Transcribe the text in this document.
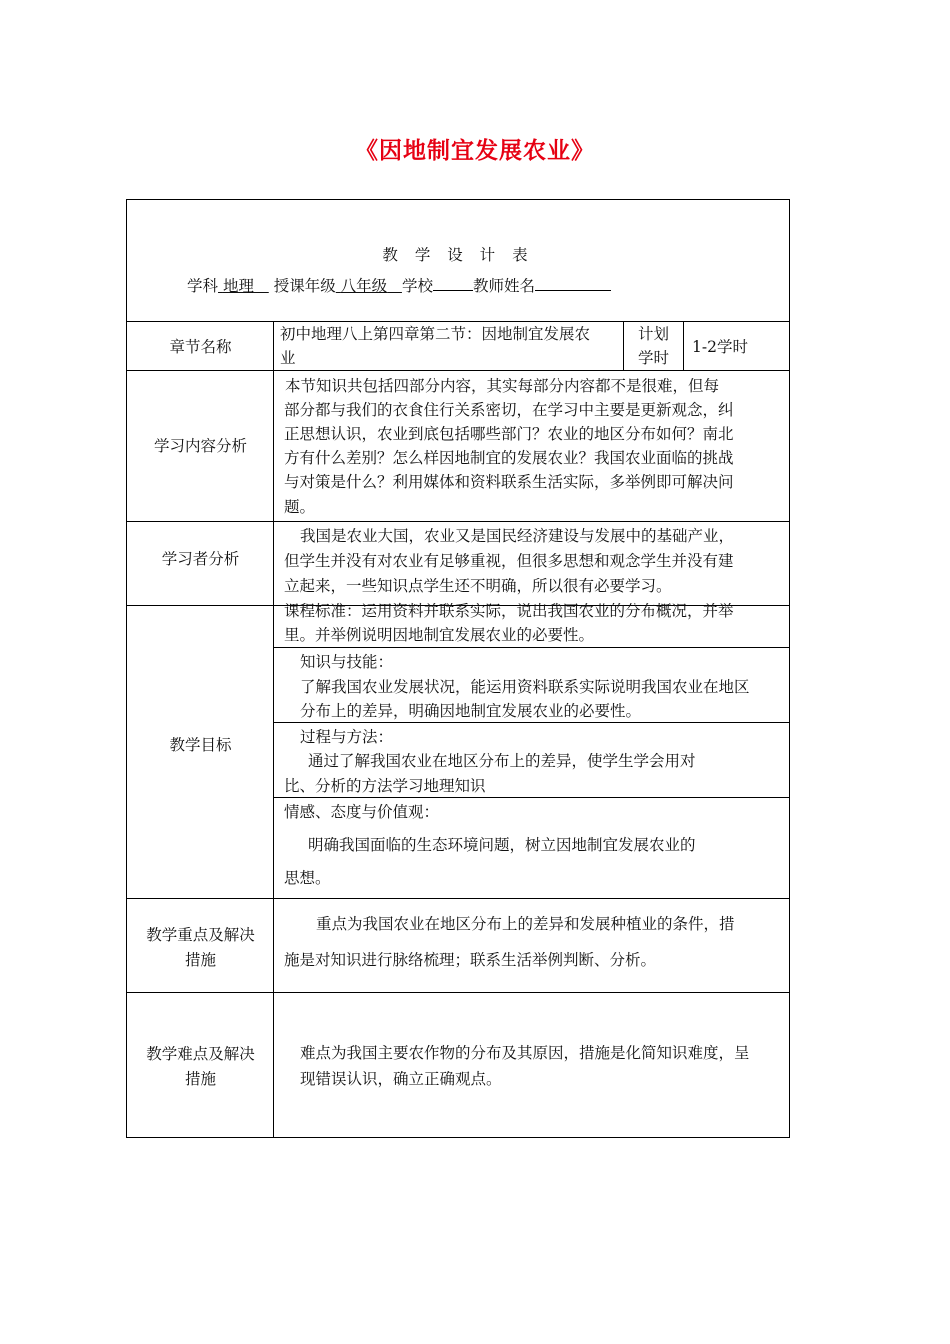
《因地制宜发展农业》
教 学 设 计 表
学科 地理 授课年级 八年级 学校	教师姓名
章节名称
初中地理八上第四章第二节：因地制宜发展农
业
计划
学时
1-2学时
学习内容分析
本节知识共包括四部分内容，其实每部分内容都不是很难，但每
部分都与我们的衣食住行关系密切，在学习中主要是更新观念，纠
正思想认识，农业到底包括哪些部门？农业的地区分布如何？南北
方有什么差别？怎么样因地制宜的发展农业？我国农业面临的挑战
与对策是什么？利用媒体和资料联系生活实际，多举例即可解决问
题。
学习者分析
我国是农业大国，农业又是国民经济建设与发展中的基础产业，
但学生并没有对农业有足够重视，但很多思想和观念学生并没有建
立起来，一些知识点学生还不明确，所以很有必要学习。
教学目标
课程标准：运用资料并联系实际，说出我国农业的分布概况，并举
里。并举例说明因地制宜发展农业的必要性。
知识与技能：
了解我国农业发展状况，能运用资料联系实际说明我国农业在地区
分布上的差异，明确因地制宜发展农业的必要性。
过程与方法：
通过了解我国农业在地区分布上的差异，使学生学会用对
比、分析的方法学习地理知识
情感、态度与价值观：
明确我国面临的生态环境问题，树立因地制宜发展农业的
思想。
教学重点及解决
措施
重点为我国农业在地区分布上的差异和发展种植业的条件，措
施是对知识进行脉络梳理；联系生活举例判断、分析。
教学难点及解决
措施
难点为我国主要农作物的分布及其原因，措施是化简知识难度，呈
现错误认识，确立正确观点。
